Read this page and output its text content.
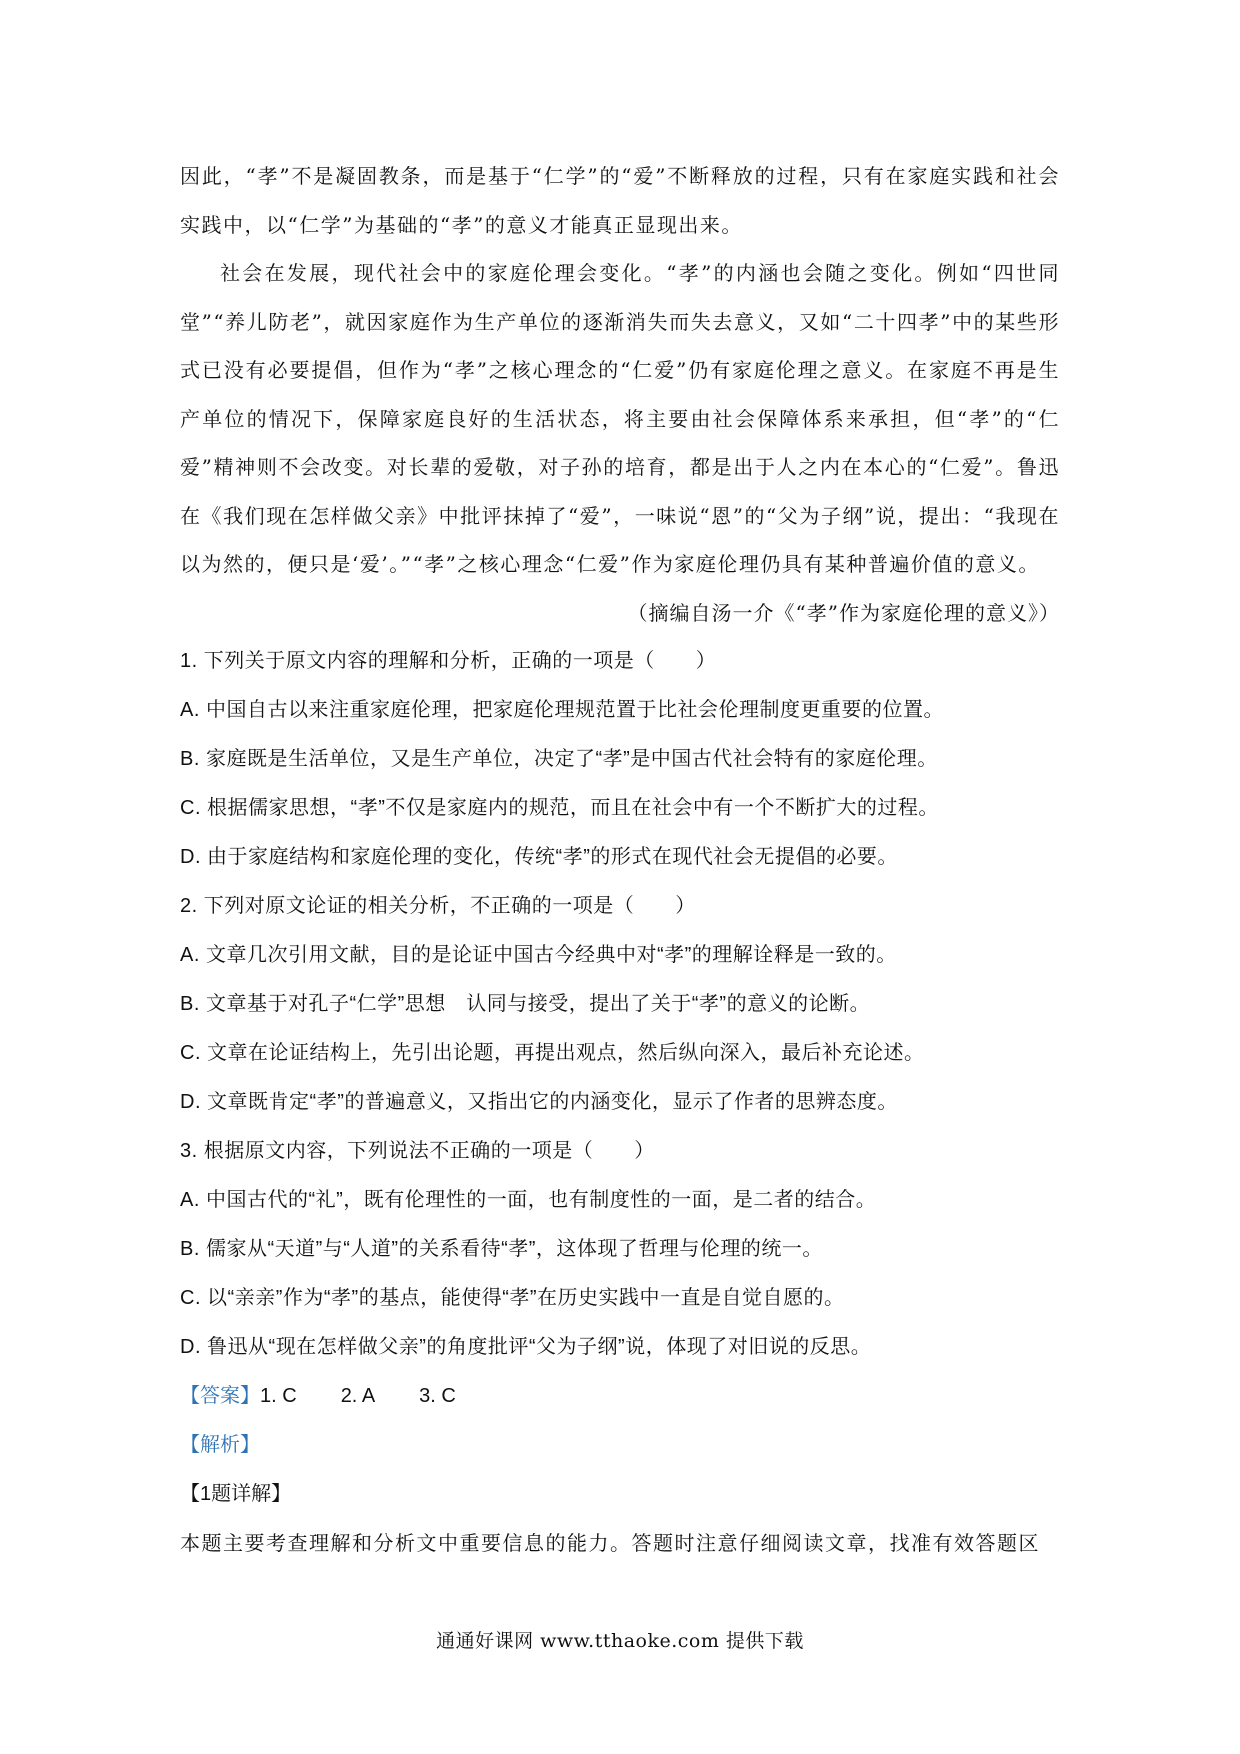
因此，“孝”不是凝固教条，而是基于“仁学”的“爱”不断释放的过程，只有在家庭实践和社会实践中，以“仁学”为基础的“孝”的意义才能真正显现出来。

社会在发展，现代社会中的家庭伦理会变化。“孝”的内涵也会随之变化。例如“四世同堂”“养儿防老”，就因家庭作为生产单位的逐渐消失而失去意义，又如“二十四孝”中的某些形式已没有必要提倡，但作为“孝”之核心理念的“仁爱”仍有家庭伦理之意义。在家庭不再是生产单位的情况下，保障家庭良好的生活状态，将主要由社会保障体系来承担，但“孝”的“仁爱”精神则不会改变。对长辈的爱敬，对子孙的培育，都是出于人之内在本心的“仁爱”。鲁迅在《我们现在怎样做父亲》中批评抹掉了“爱”，一味说“恩”的“父为子纲”说，提出：“我现在以为然的，便只是‘爱’。”“孝”之核心理念“仁爱”作为家庭伦理仍具有某种普遍价值的意义。

（摘编自汤一介《“孝”作为家庭伦理的意义》）

1. 下列关于原文内容的理解和分析，正确的一项是（　　）

A. 中国自古以来注重家庭伦理，把家庭伦理规范置于比社会伦理制度更重要的位置。

B. 家庭既是生活单位，又是生产单位，决定了“孝”是中国古代社会特有的家庭伦理。

C. 根据儒家思想，“孝”不仅是家庭内的规范，而且在社会中有一个不断扩大的过程。

D. 由于家庭结构和家庭伦理的变化，传统“孝”的形式在现代社会无提倡的必要。

2. 下列对原文论证的相关分析，不正确的一项是（　　）

A. 文章几次引用文献，目的是论证中国古今经典中对“孝”的理解诠释是一致的。

B. 文章基于对孔子“仁学”思想　认同与接受，提出了关于“孝”的意义的论断。

C. 文章在论证结构上，先引出论题，再提出观点，然后纵向深入，最后补充论述。

D. 文章既肯定“孝”的普遍意义，又指出它的内涵变化，显示了作者的思辨态度。

3. 根据原文内容，下列说法不正确的一项是（　　）

A. 中国古代的“礼”，既有伦理性的一面，也有制度性的一面，是二者的结合。

B. 儒家从“天道”与“人道”的关系看待“孝”，这体现了哲理与伦理的统一。

C. 以“亲亲”作为“孝”的基点，能使得“孝”在历史实践中一直是自觉自愿的。

D. 鲁迅从“现在怎样做父亲”的角度批评“父为子纲”说，体现了对旧说的反思。

【答案】1. C 2. A 3. C

【解析】

【1题详解】

本题主要考查理解和分析文中重要信息的能力。答题时注意仔细阅读文章，找准有效答题区

通通好课网 www.tthaoke.com 提供下载
